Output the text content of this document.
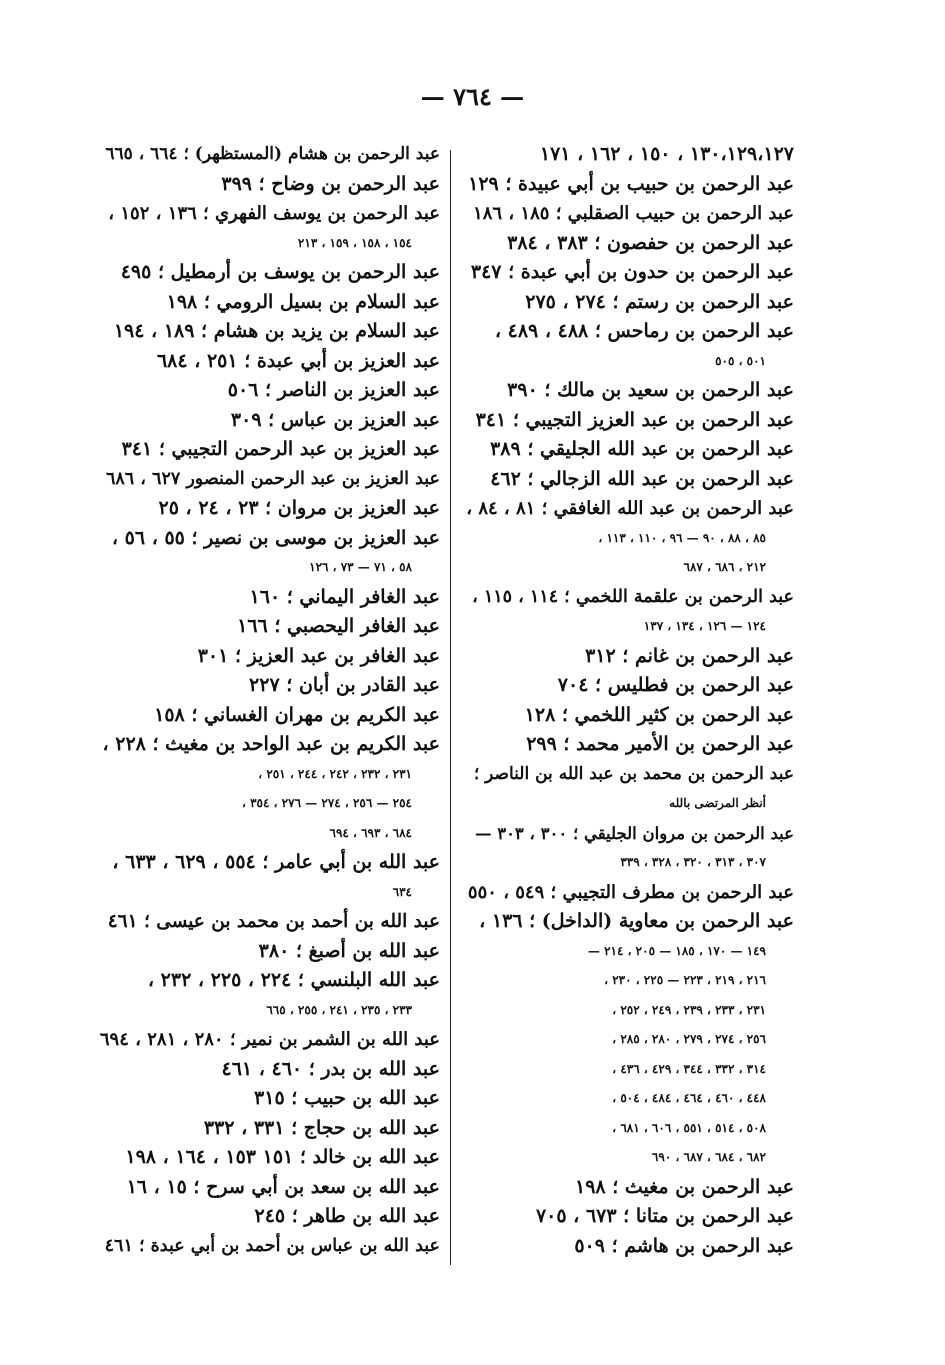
— ٧٦٤ —
١٣٠،١٢٩،١٢٧ ، ١٥٠ ، ١٦٢ ، ١٧١
عبد الرحمن بن حبيب بن أبي عبيدة ؛ ١٢٩
عبد الرحمن بن حبيب الصقلبي ؛ ١٨٥ ، ١٨٦
عبد الرحمن بن حفصون ؛ ٣٨٣ ، ٣٨٤
عبد الرحمن بن حدون بن أبي عبدة ؛ ٣٤٧
عبد الرحمن بن رستم ؛ ٢٧٤ ، ٢٧٥
عبد الرحمن بن رماحس ؛ ٤٨٨ ، ٤٨٩ ،
٥٠١ ، ٥٠٥
عبد الرحمن بن سعيد بن مالك ؛ ٣٩٠
عبد الرحمن بن عبد العزيز التجيبي ؛ ٣٤١
عبد الرحمن بن عبد الله الجليقي ؛ ٣٨٩
عبد الرحمن بن عبد الله الزجالي ؛ ٤٦٢
عبد الرحمن بن عبد الله الغافقي ؛ ٨١ ، ٨٤ ،
٨٥ ، ٨٨ ، ٩٠ — ٩٦ ، ١١٠ ، ١١٣ ،
٢١٢ ، ٦٨٦ ، ٦٨٧
عبد الرحمن بن علقمة اللخمي ؛ ١١٤ ، ١١٥ ،
١٢٤ — ١٢٦ ، ١٣٤ ، ١٣٧
عبد الرحمن بن غانم ؛ ٣١٢
عبد الرحمن بن فطليس ؛ ٧٠٤
عبد الرحمن بن كثير اللخمي ؛ ١٢٨
عبد الرحمن بن الأمير محمد ؛ ٢٩٩
عبد الرحمن بن محمد بن عبد الله بن الناصر ؛
أنظر المرتضى بالله
عبد الرحمن بن مروان الجليقي ؛ ٣٠٠ ، ٣٠٣ —
٣٠٧ ، ٣١٣ ، ٣٢٠ ، ٣٢٨ ، ٣٣٩
عبد الرحمن بن مطرف التجيبي ؛ ٥٤٩ ، ٥٥٠
عبد الرحمن بن معاوية (الداخل) ؛ ١٣٦ ،
١٤٩ — ١٧٠ ، ١٨٥ — ٢٠٥ ، ٢١٤ —
٢١٦ ، ٢١٩ ، ٢٢٣ — ٢٢٥ ، ٢٣٠ ،
٢٣١ ، ٢٣٣ ، ٢٣٩ ، ٢٤٩ ، ٢٥٢ ،
٢٥٦ ، ٢٧٤ ، ٢٧٩ ، ٢٨٠ ، ٢٨٥ ،
٣١٤ ، ٣٣٢ ، ٣٤٤ ، ٤٢٩ ، ٤٣٦ ،
٤٤٨ ، ٤٦٠ ، ٤٦٤ ، ٤٨٤ ، ٥٠٤ ،
٥٠٨ ، ٥١٤ ، ٥٥١ ، ٦٠٦ ، ٦٨١ ،
٦٨٢ ، ٦٨٤ ، ٦٨٧ ، ٦٩٠
عبد الرحمن بن مغيث ؛ ١٩٨
عبد الرحمن بن متانا ؛ ٦٧٣ ، ٧٠٥
عبد الرحمن بن هاشم ؛ ٥٠٩
عبد الرحمن بن هشام (المستظهر) ؛ ٦٦٤ ، ٦٦٥
عبد الرحمن بن وضاح ؛ ٣٩٩
عبد الرحمن بن يوسف الفهري ؛ ١٣٦ ، ١٥٢ ،
١٥٤ ، ١٥٨ ، ١٥٩ ، ٢١٣
عبد الرحمن بن يوسف بن أرمطيل ؛ ٤٩٥
عبد السلام بن بسيل الرومي ؛ ١٩٨
عبد السلام بن يزيد بن هشام ؛ ١٨٩ ، ١٩٤
عبد العزيز بن أبي عبدة ؛ ٢٥١ ، ٦٨٤
عبد العزيز بن الناصر ؛ ٥٠٦
عبد العزيز بن عباس ؛ ٣٠٩
عبد العزيز بن عبد الرحمن التجيبي ؛ ٣٤١
عبد العزيز بن عبد الرحمن المنصور ٦٢٧ ، ٦٨٦
عبد العزيز بن مروان ؛ ٢٣ ، ٢٤ ، ٢٥
عبد العزيز بن موسى بن نصير ؛ ٥٥ ، ٥٦ ،
٥٨ ، ٧١ — ٧٣ ، ١٢٦
عبد الغافر اليماني ؛ ١٦٠
عبد الغافر اليحصبي ؛ ١٦٦
عبد الغافر بن عبد العزيز ؛ ٣٠١
عبد القادر بن أبان ؛ ٢٢٧
عبد الكريم بن مهران الغساني ؛ ١٥٨
عبد الكريم بن عبد الواحد بن مغيث ؛ ٢٢٨ ،
٢٣١ ، ٢٣٢ ، ٢٤٢ ، ٢٤٤ ، ٢٥١ ،
٢٥٤ — ٢٥٦ ، ٢٧٤ — ٢٧٦ ، ٣٥٤ ،
٦٨٤ ، ٦٩٣ ، ٦٩٤
عبد الله بن أبي عامر ؛ ٥٥٤ ، ٦٢٩ ، ٦٣٣ ،
٦٣٤
عبد الله بن أحمد بن محمد بن عيسى ؛ ٤٦١
عبد الله بن أصبغ ؛ ٣٨٠
عبد الله البلنسي ؛ ٢٢٤ ، ٢٢٥ ، ٢٣٢ ،
٢٣٣ ، ٢٣٥ ، ٢٤١ ، ٢٥٥ ، ٦٦٥
عبد الله بن الشمر بن نمير ؛ ٢٨٠ ، ٢٨١ ، ٦٩٤
عبد الله بن بدر ؛ ٤٦٠ ، ٤٦١
عبد الله بن حبيب ؛ ٣١٥
عبد الله بن حجاج ؛ ٣٣١ ، ٣٣٢
عبد الله بن خالد ؛ ١٥١ ١٥٣ ، ١٦٤ ، ١٩٨
عبد الله بن سعد بن أبي سرح ؛ ١٥ ، ١٦
عبد الله بن طاهر ؛ ٢٤٥
عبد الله بن عباس بن أحمد بن أبي عبدة ؛ ٤٦١
